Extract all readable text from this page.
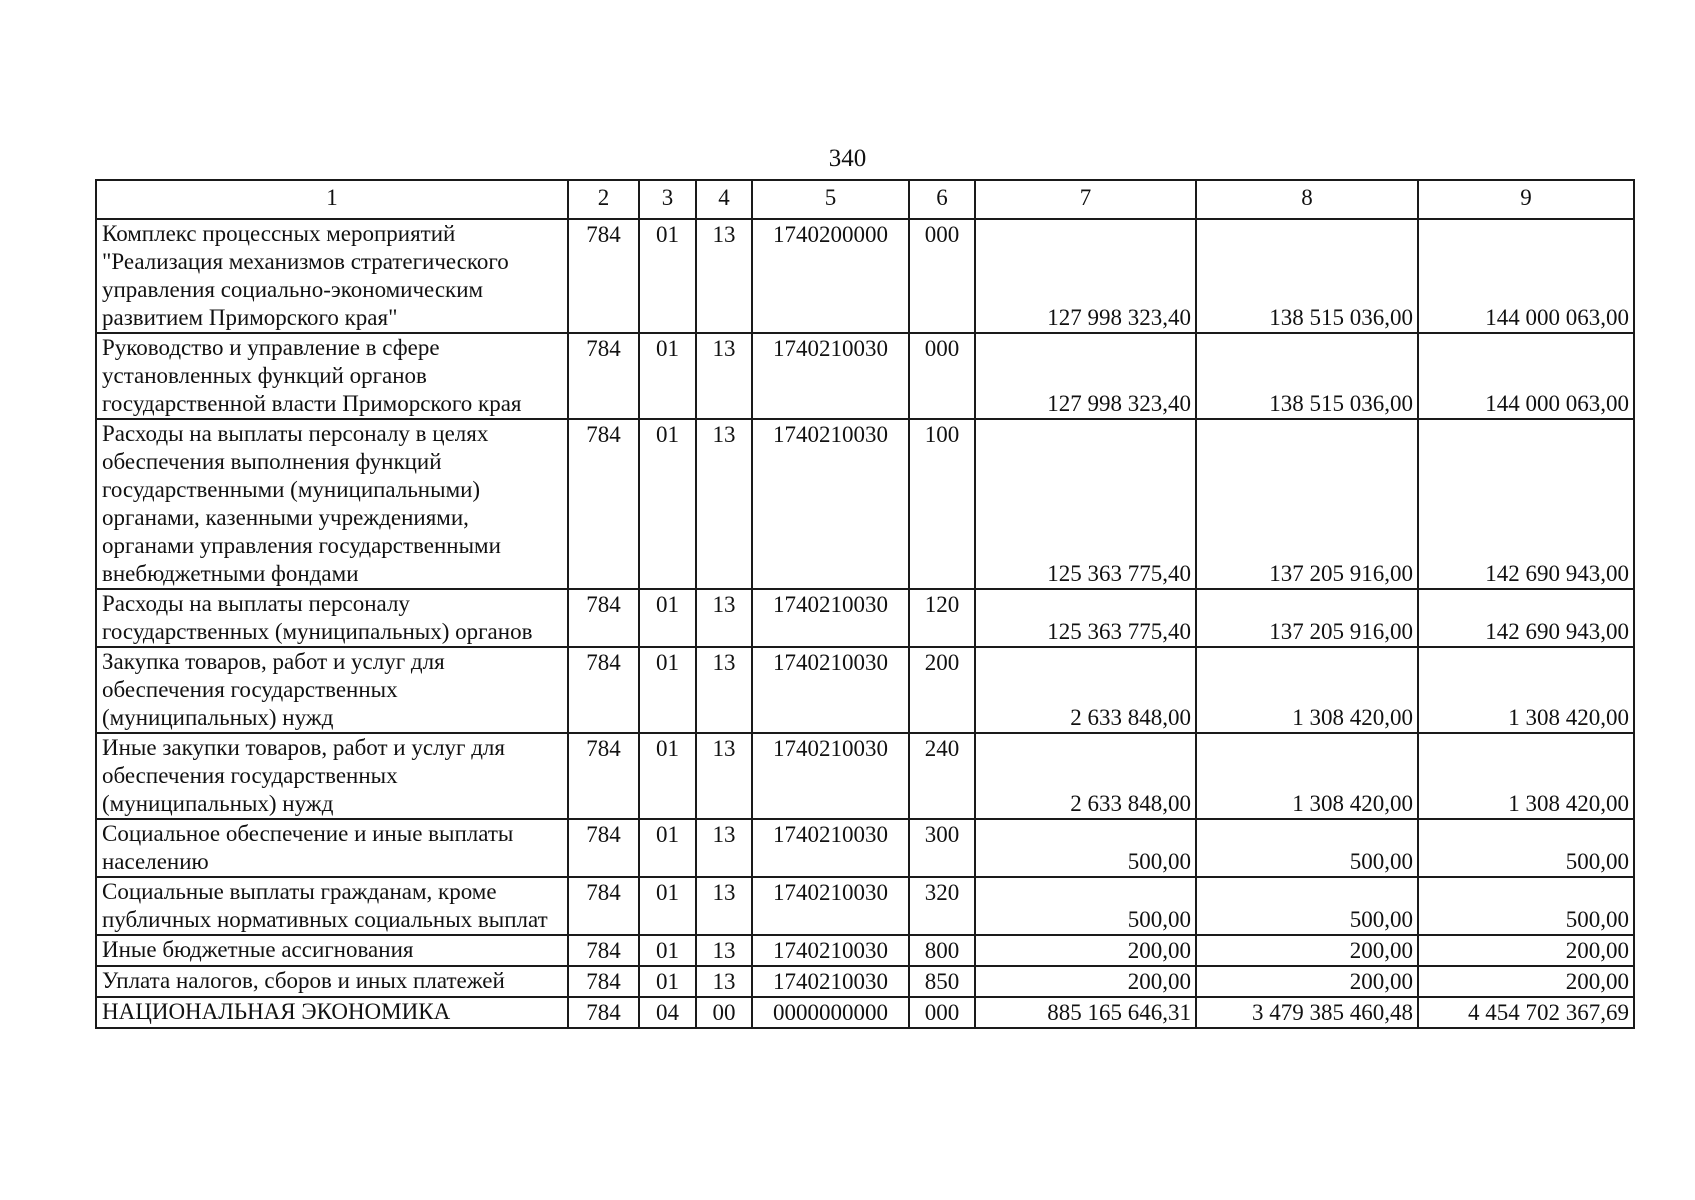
340
1	2	3	4	5	6	7	8	9
Комплекс процессных мероприятий "Реализация механизмов стратегического управления социально-экономическим развитием Приморского края"	784	01	13	1740200000	000	127 998 323,40	138 515 036,00	144 000 063,00
Руководство и управление в сфере установленных функций органов государственной власти Приморского края	784	01	13	1740210030	000	127 998 323,40	138 515 036,00	144 000 063,00
Расходы на выплаты персоналу в целях обеспечения выполнения функций государственными (муниципальными) органами, казенными учреждениями, органами управления государственными внебюджетными фондами	784	01	13	1740210030	100	125 363 775,40	137 205 916,00	142 690 943,00
Расходы на выплаты персоналу государственных (муниципальных) органов	784	01	13	1740210030	120	125 363 775,40	137 205 916,00	142 690 943,00
Закупка товаров, работ и услуг для обеспечения государственных (муниципальных) нужд	784	01	13	1740210030	200	2 633 848,00	1 308 420,00	1 308 420,00
Иные закупки товаров, работ и услуг для обеспечения государственных (муниципальных) нужд	784	01	13	1740210030	240	2 633 848,00	1 308 420,00	1 308 420,00
Социальное обеспечение и иные выплаты населению	784	01	13	1740210030	300	500,00	500,00	500,00
Социальные выплаты гражданам, кроме публичных нормативных социальных выплат	784	01	13	1740210030	320	500,00	500,00	500,00
Иные бюджетные ассигнования	784	01	13	1740210030	800	200,00	200,00	200,00
Уплата налогов, сборов и иных платежей	784	01	13	1740210030	850	200,00	200,00	200,00
НАЦИОНАЛЬНАЯ ЭКОНОМИКА	784	04	00	0000000000	000	885 165 646,31	3 479 385 460,48	4 454 702 367,69
